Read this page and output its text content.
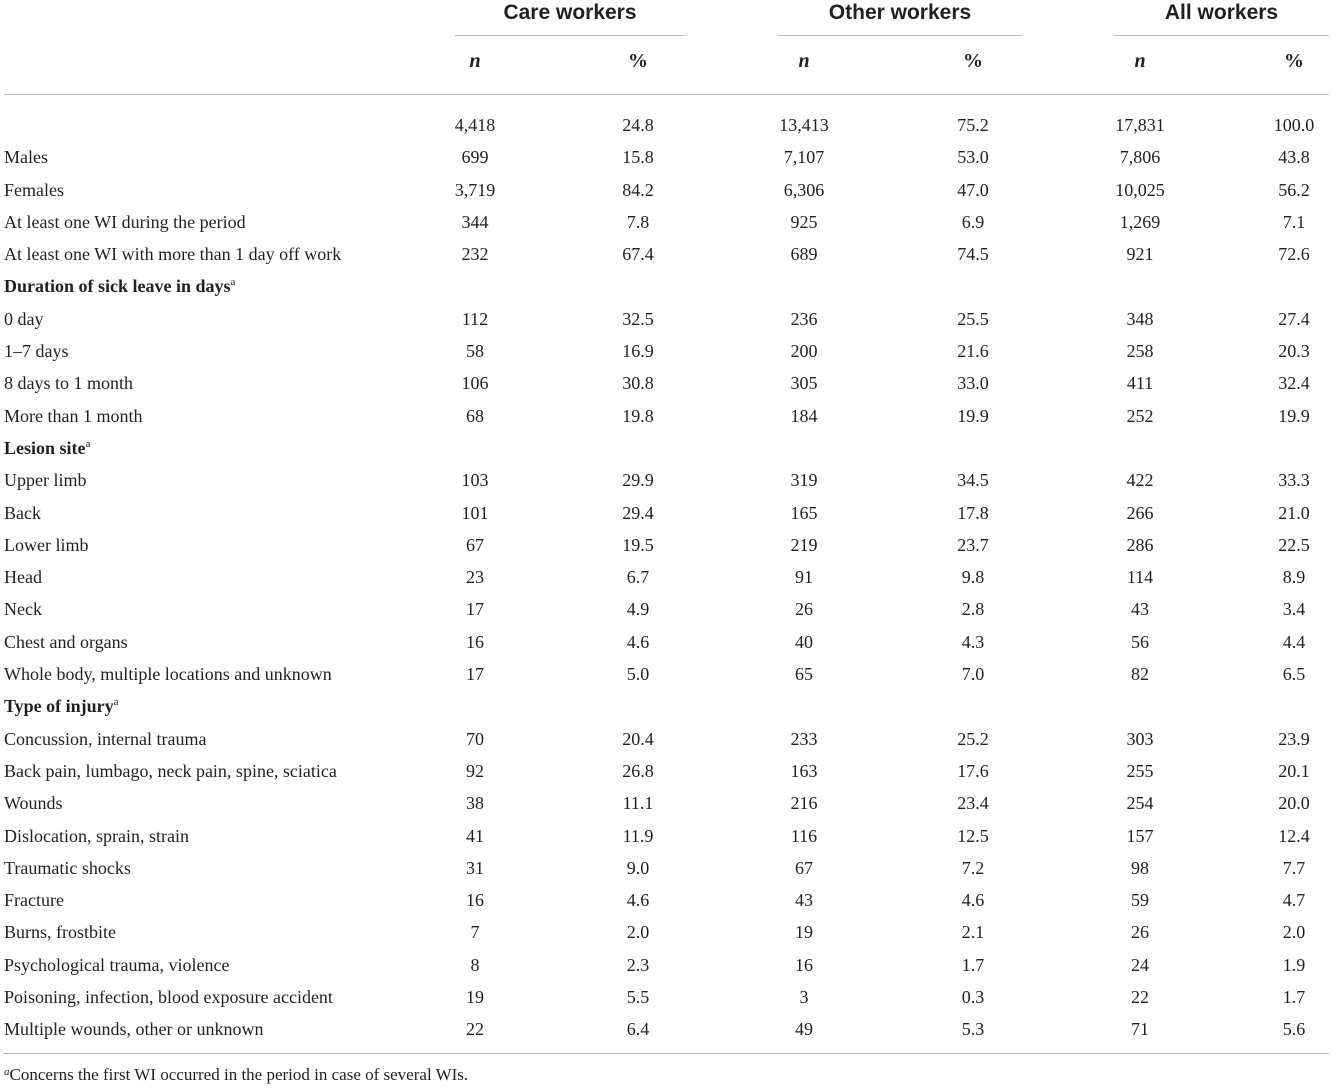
Care workers	Other workers	All workers
n	%	n	%	n	%
4,418	24.8	13,413	75.2	17,831	100.0
Males	699	15.8	7,107	53.0	7,806	43.8
Females	3,719	84.2	6,306	47.0	10,025	56.2
At least one WI during the period	344	7.8	925	6.9	1,269	7.1
At least one WI with more than 1 day off work	232	67.4	689	74.5	921	72.6
Duration of sick leave in days$^a$
0 day	112	32.5	236	25.5	348	27.4
1–7 days	58	16.9	200	21.6	258	20.3
8 days to 1 month	106	30.8	305	33.0	411	32.4
More than 1 month	68	19.8	184	19.9	252	19.9
Lesion site$^a$
Upper limb	103	29.9	319	34.5	422	33.3
Back	101	29.4	165	17.8	266	21.0
Lower limb	67	19.5	219	23.7	286	22.5
Head	23	6.7	91	9.8	114	8.9
Neck	17	4.9	26	2.8	43	3.4
Chest and organs	16	4.6	40	4.3	56	4.4
Whole body, multiple locations and unknown	17	5.0	65	7.0	82	6.5
Type of injury$^a$
Concussion, internal trauma	70	20.4	233	25.2	303	23.9
Back pain, lumbago, neck pain, spine, sciatica	92	26.8	163	17.6	255	20.1
Wounds	38	11.1	216	23.4	254	20.0
Dislocation, sprain, strain	41	11.9	116	12.5	157	12.4
Traumatic shocks	31	9.0	67	7.2	98	7.7
Fracture	16	4.6	43	4.6	59	4.7
Burns, frostbite	7	2.0	19	2.1	26	2.0
Psychological trauma, violence	8	2.3	16	1.7	24	1.9
Poisoning, infection, blood exposure accident	19	5.5	3	0.3	22	1.7
Multiple wounds, other or unknown	22	6.4	49	5.3	71	5.6
$^a$Concerns the first WI occurred in the period in case of several WIs.
